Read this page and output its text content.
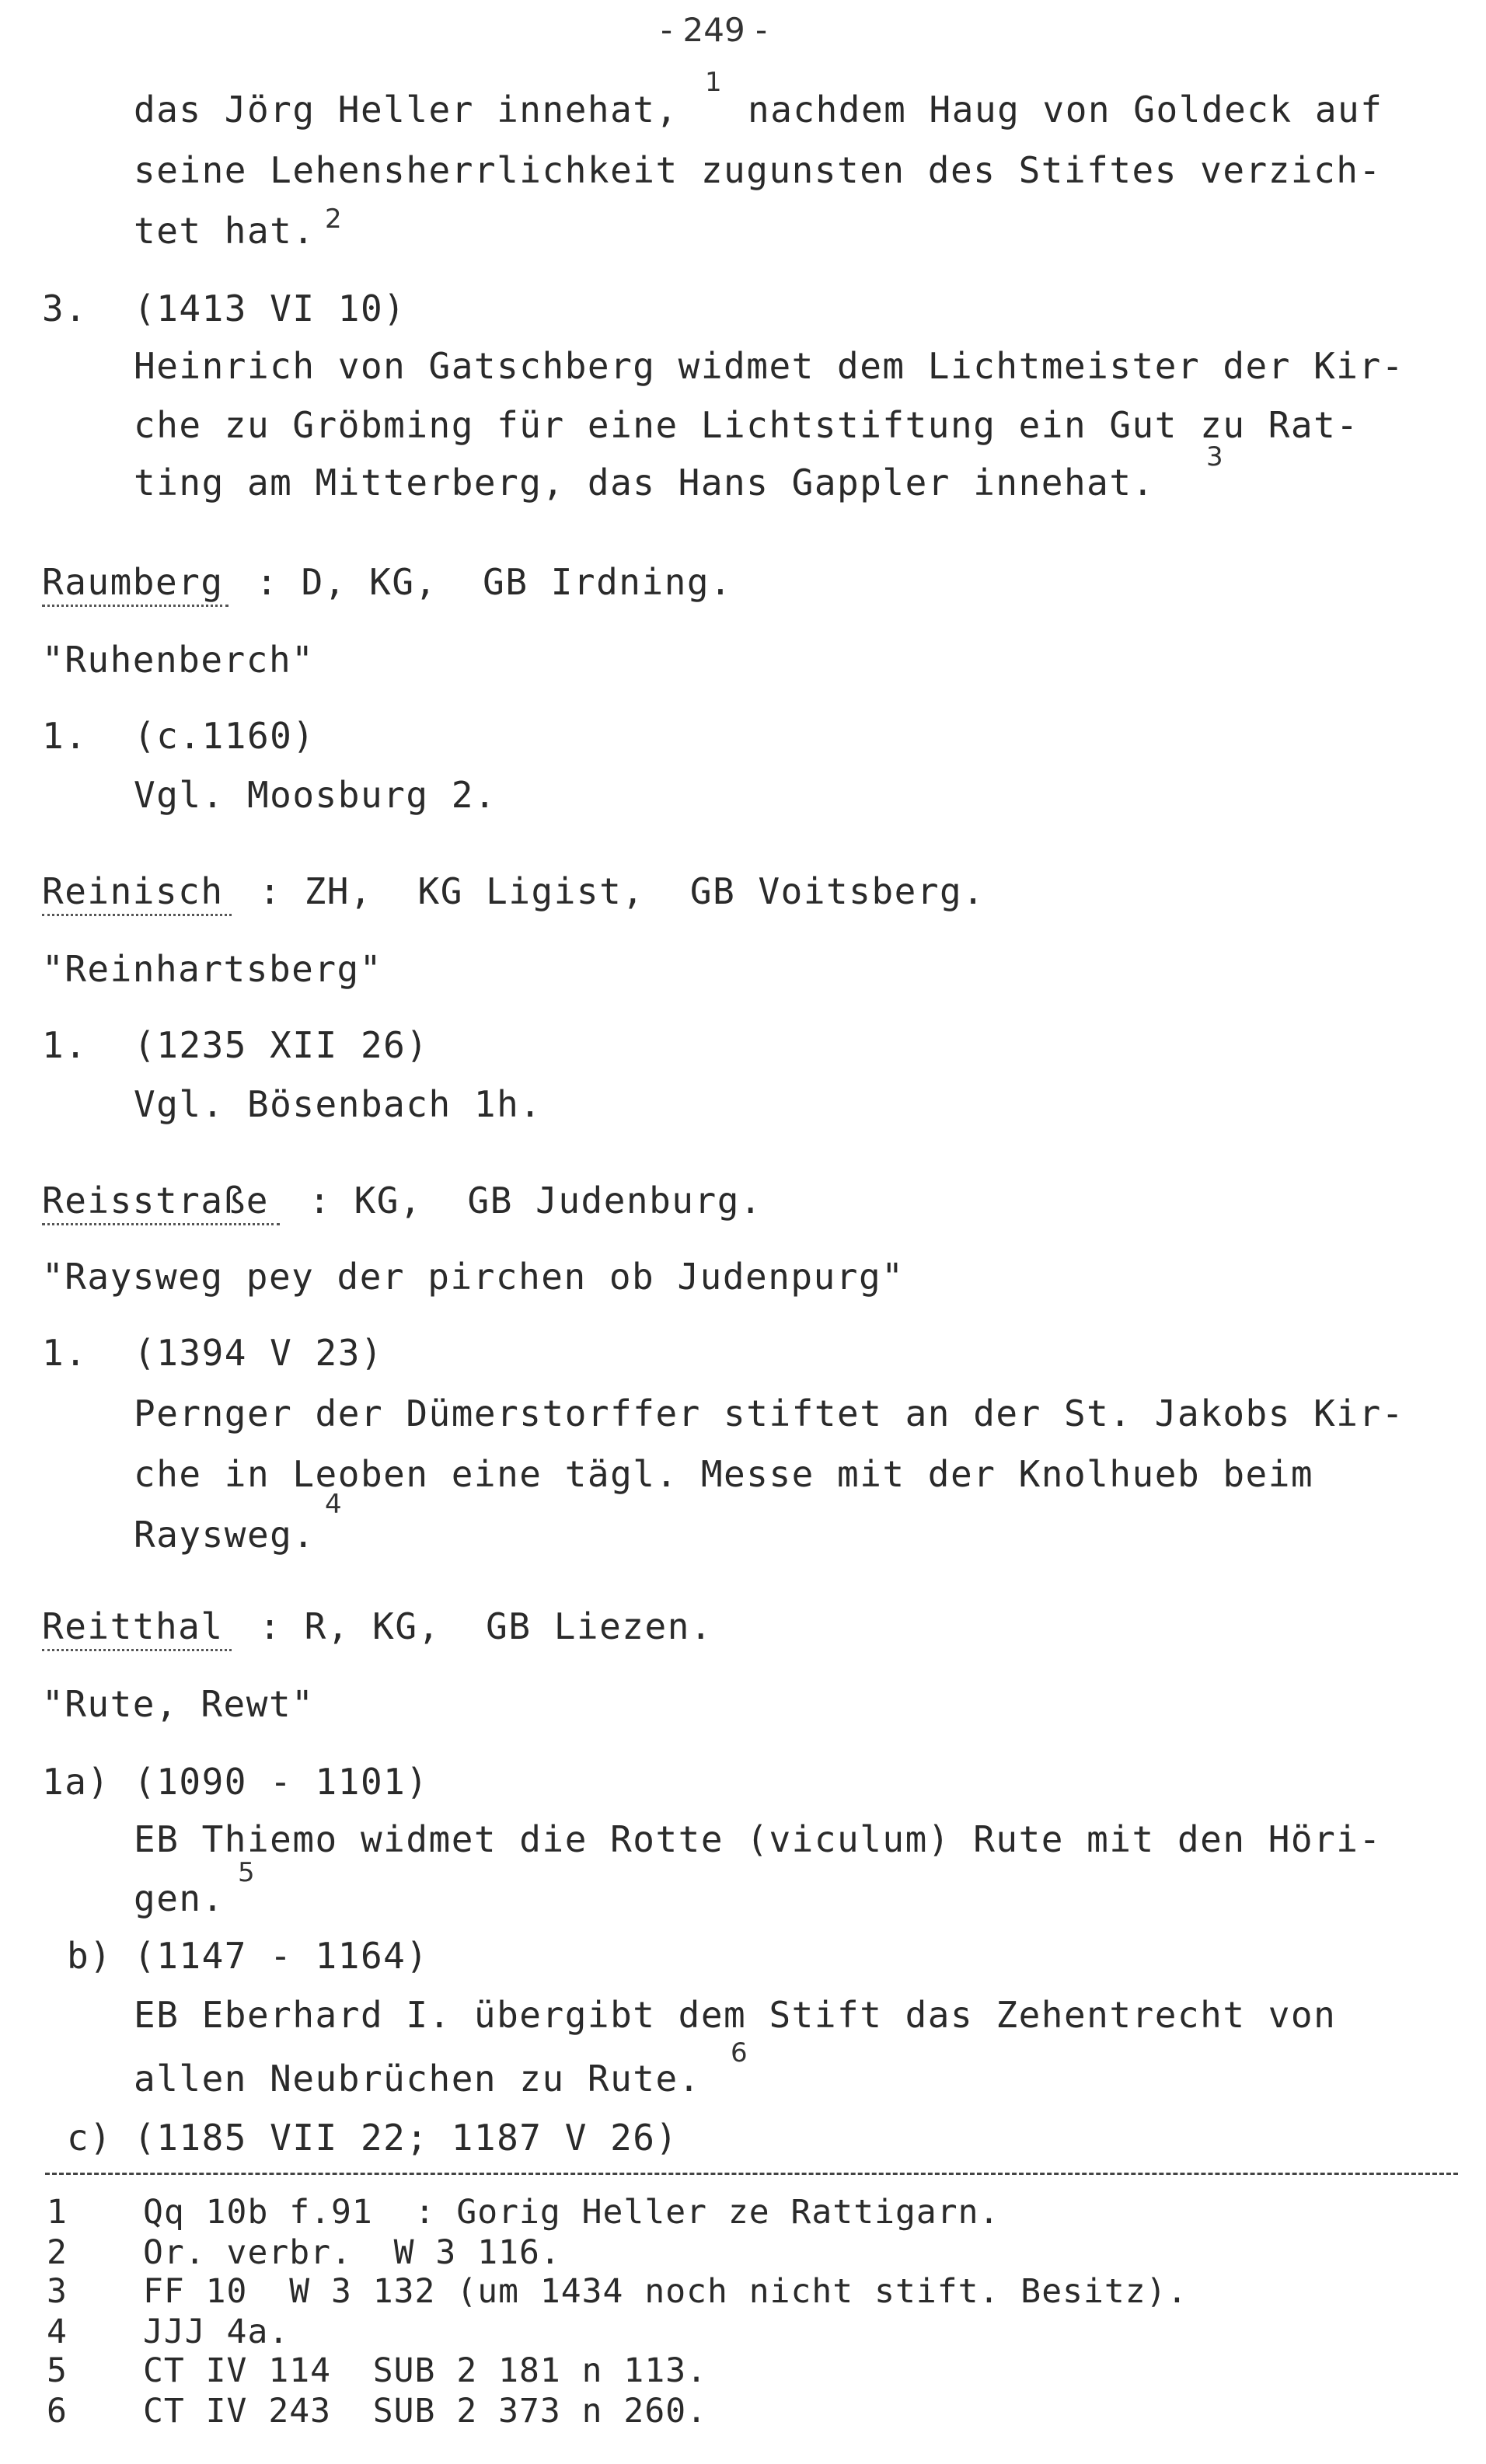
- 249 -
das Jörg Heller innehat,
1
nachdem Haug von Goldeck auf
seine Lehensherrlichkeit zugunsten des Stiftes verzich-
tet hat. 2
3. (1413 VI 10)
Heinrich von Gatschberg widmet dem Lichtmeister der Kir-
che zu Gröbming für eine Lichtstiftung ein Gut zu Rat-
ting am Mitterberg, das Hans Gappler innehat.
3
Raumberg : D, KG,  GB Irdning.
"Ruhenberch"
1. (c.1160)
Vgl. Moosburg 2.
Reinisch : ZH,  KG Ligist,  GB Voitsberg.
"Reinhartsberg"
1. (1235 XII 26)
Vgl. Bösenbach 1h.
Reisstraße : KG,  GB Judenburg.
"Raysweg pey der pirchen ob Judenpurg"
1. (1394 V 23)
Pernger der Dümerstorffer stiftet an der St. Jakobs Kir-
che in Leoben eine tägl. Messe mit der Knolhueb beim
Raysweg.
4
Reitthal : R, KG,  GB Liezen.
"Rute, Rewt"
1a) (1090 - 1101)
EB Thiemo widmet die Rotte (viculum) Rute mit den Höri-
gen.
5
b) (1147 - 1164)
EB Eberhard I. übergibt dem Stift das Zehentrecht von
allen Neubrüchen zu Rute.
6
c) (1185 VII 22; 1187 V 26)
1 Qq 10b f.91  : Gorig Heller ze Rattigarn.
2 Or. verbr.  W 3 116.
3 FF 10  W 3 132 (um 1434 noch nicht stift. Besitz).
4 JJJ 4a.
5 CT IV 114  SUB 2 181 n 113.
6 CT IV 243  SUB 2 373 n 260.
